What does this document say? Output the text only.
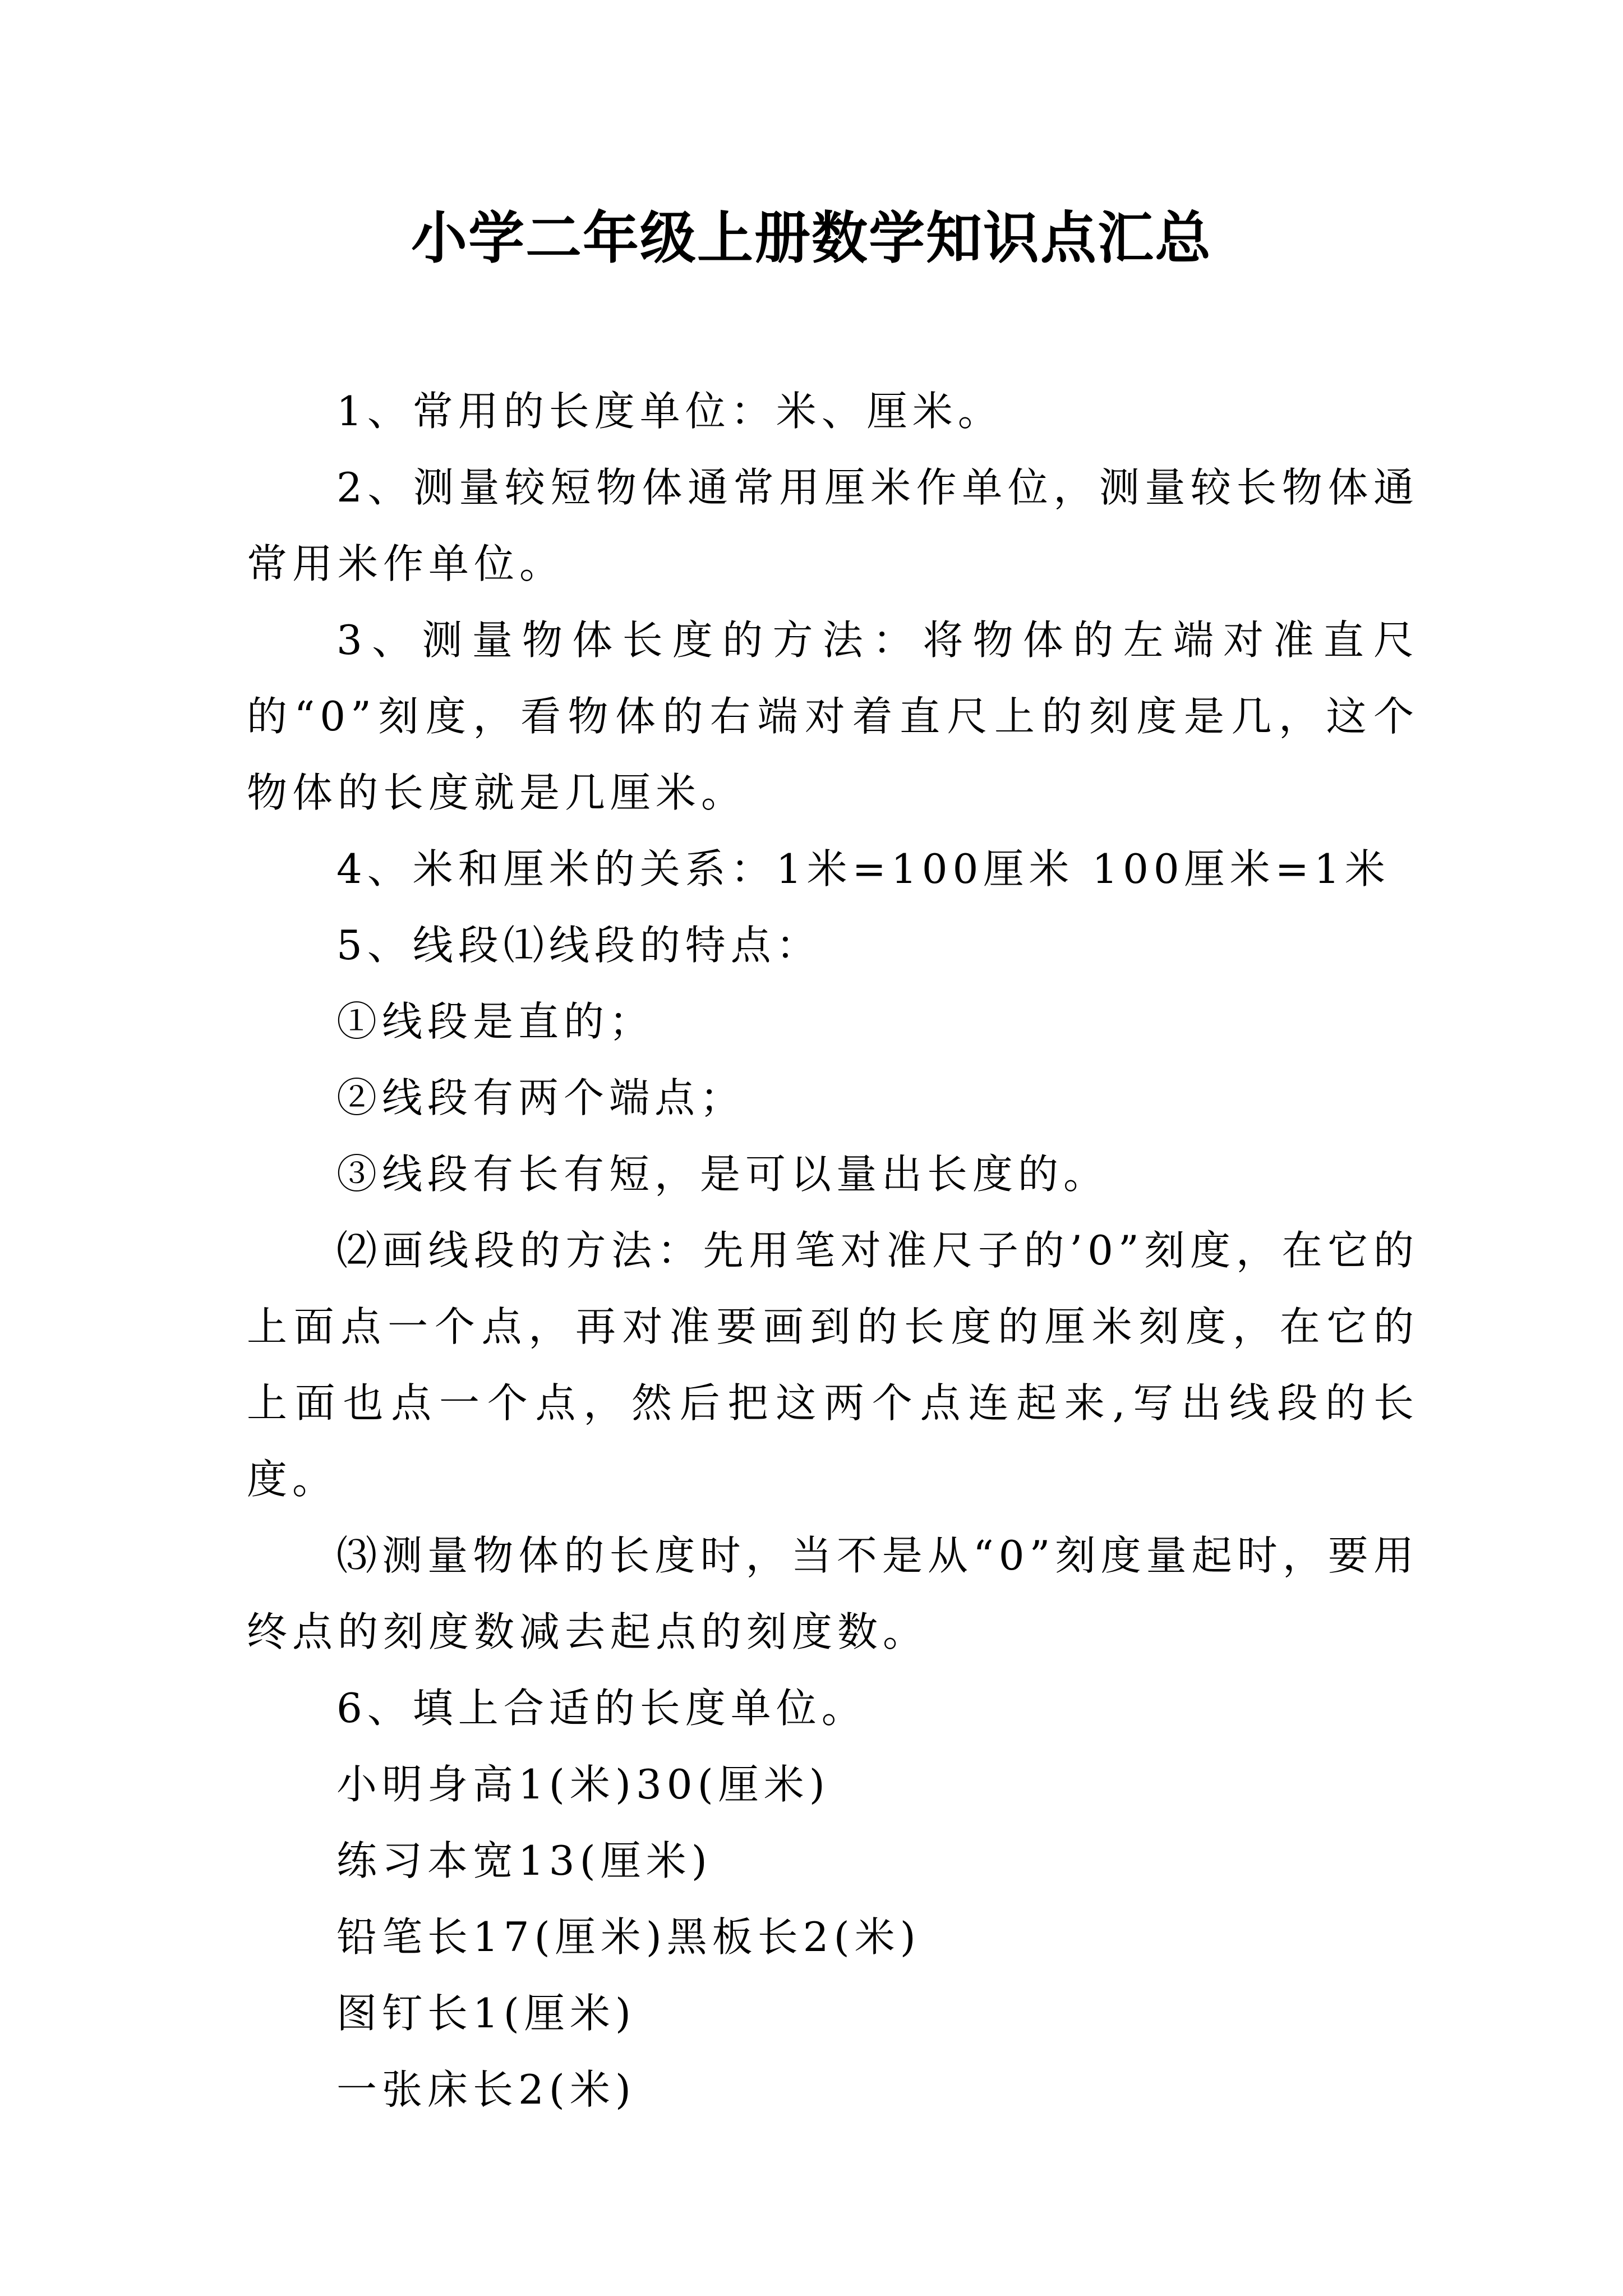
小学二年级上册数学知识点汇总

1、常用的长度单位：米、厘米。

2、测量较短物体通常用厘米作单位，测量较长物体通常用米作单位。

3、测量物体长度的方法：将物体的左端对准直尺的“0”刻度，看物体的右端对着直尺上的刻度是几，这个物体的长度就是几厘米。

4、米和厘米的关系：1米=100厘米 100厘米=1米

5、线段⑴线段的特点：

①线段是直的；

②线段有两个端点；

③线段有长有短，是可以量出长度的。

⑵画线段的方法：先用笔对准尺子的’0”刻度，在它的上面点一个点，再对准要画到的长度的厘米刻度，在它的上面也点一个点，然后把这两个点连起来,写出线段的长度。

⑶测量物体的长度时，当不是从“0”刻度量起时，要用终点的刻度数减去起点的刻度数。

6、填上合适的长度单位。

小明身高1(米)30(厘米)

练习本宽13(厘米)

铅笔长17(厘米)黑板长2(米)

图钉长1(厘米)

一张床长2(米)
